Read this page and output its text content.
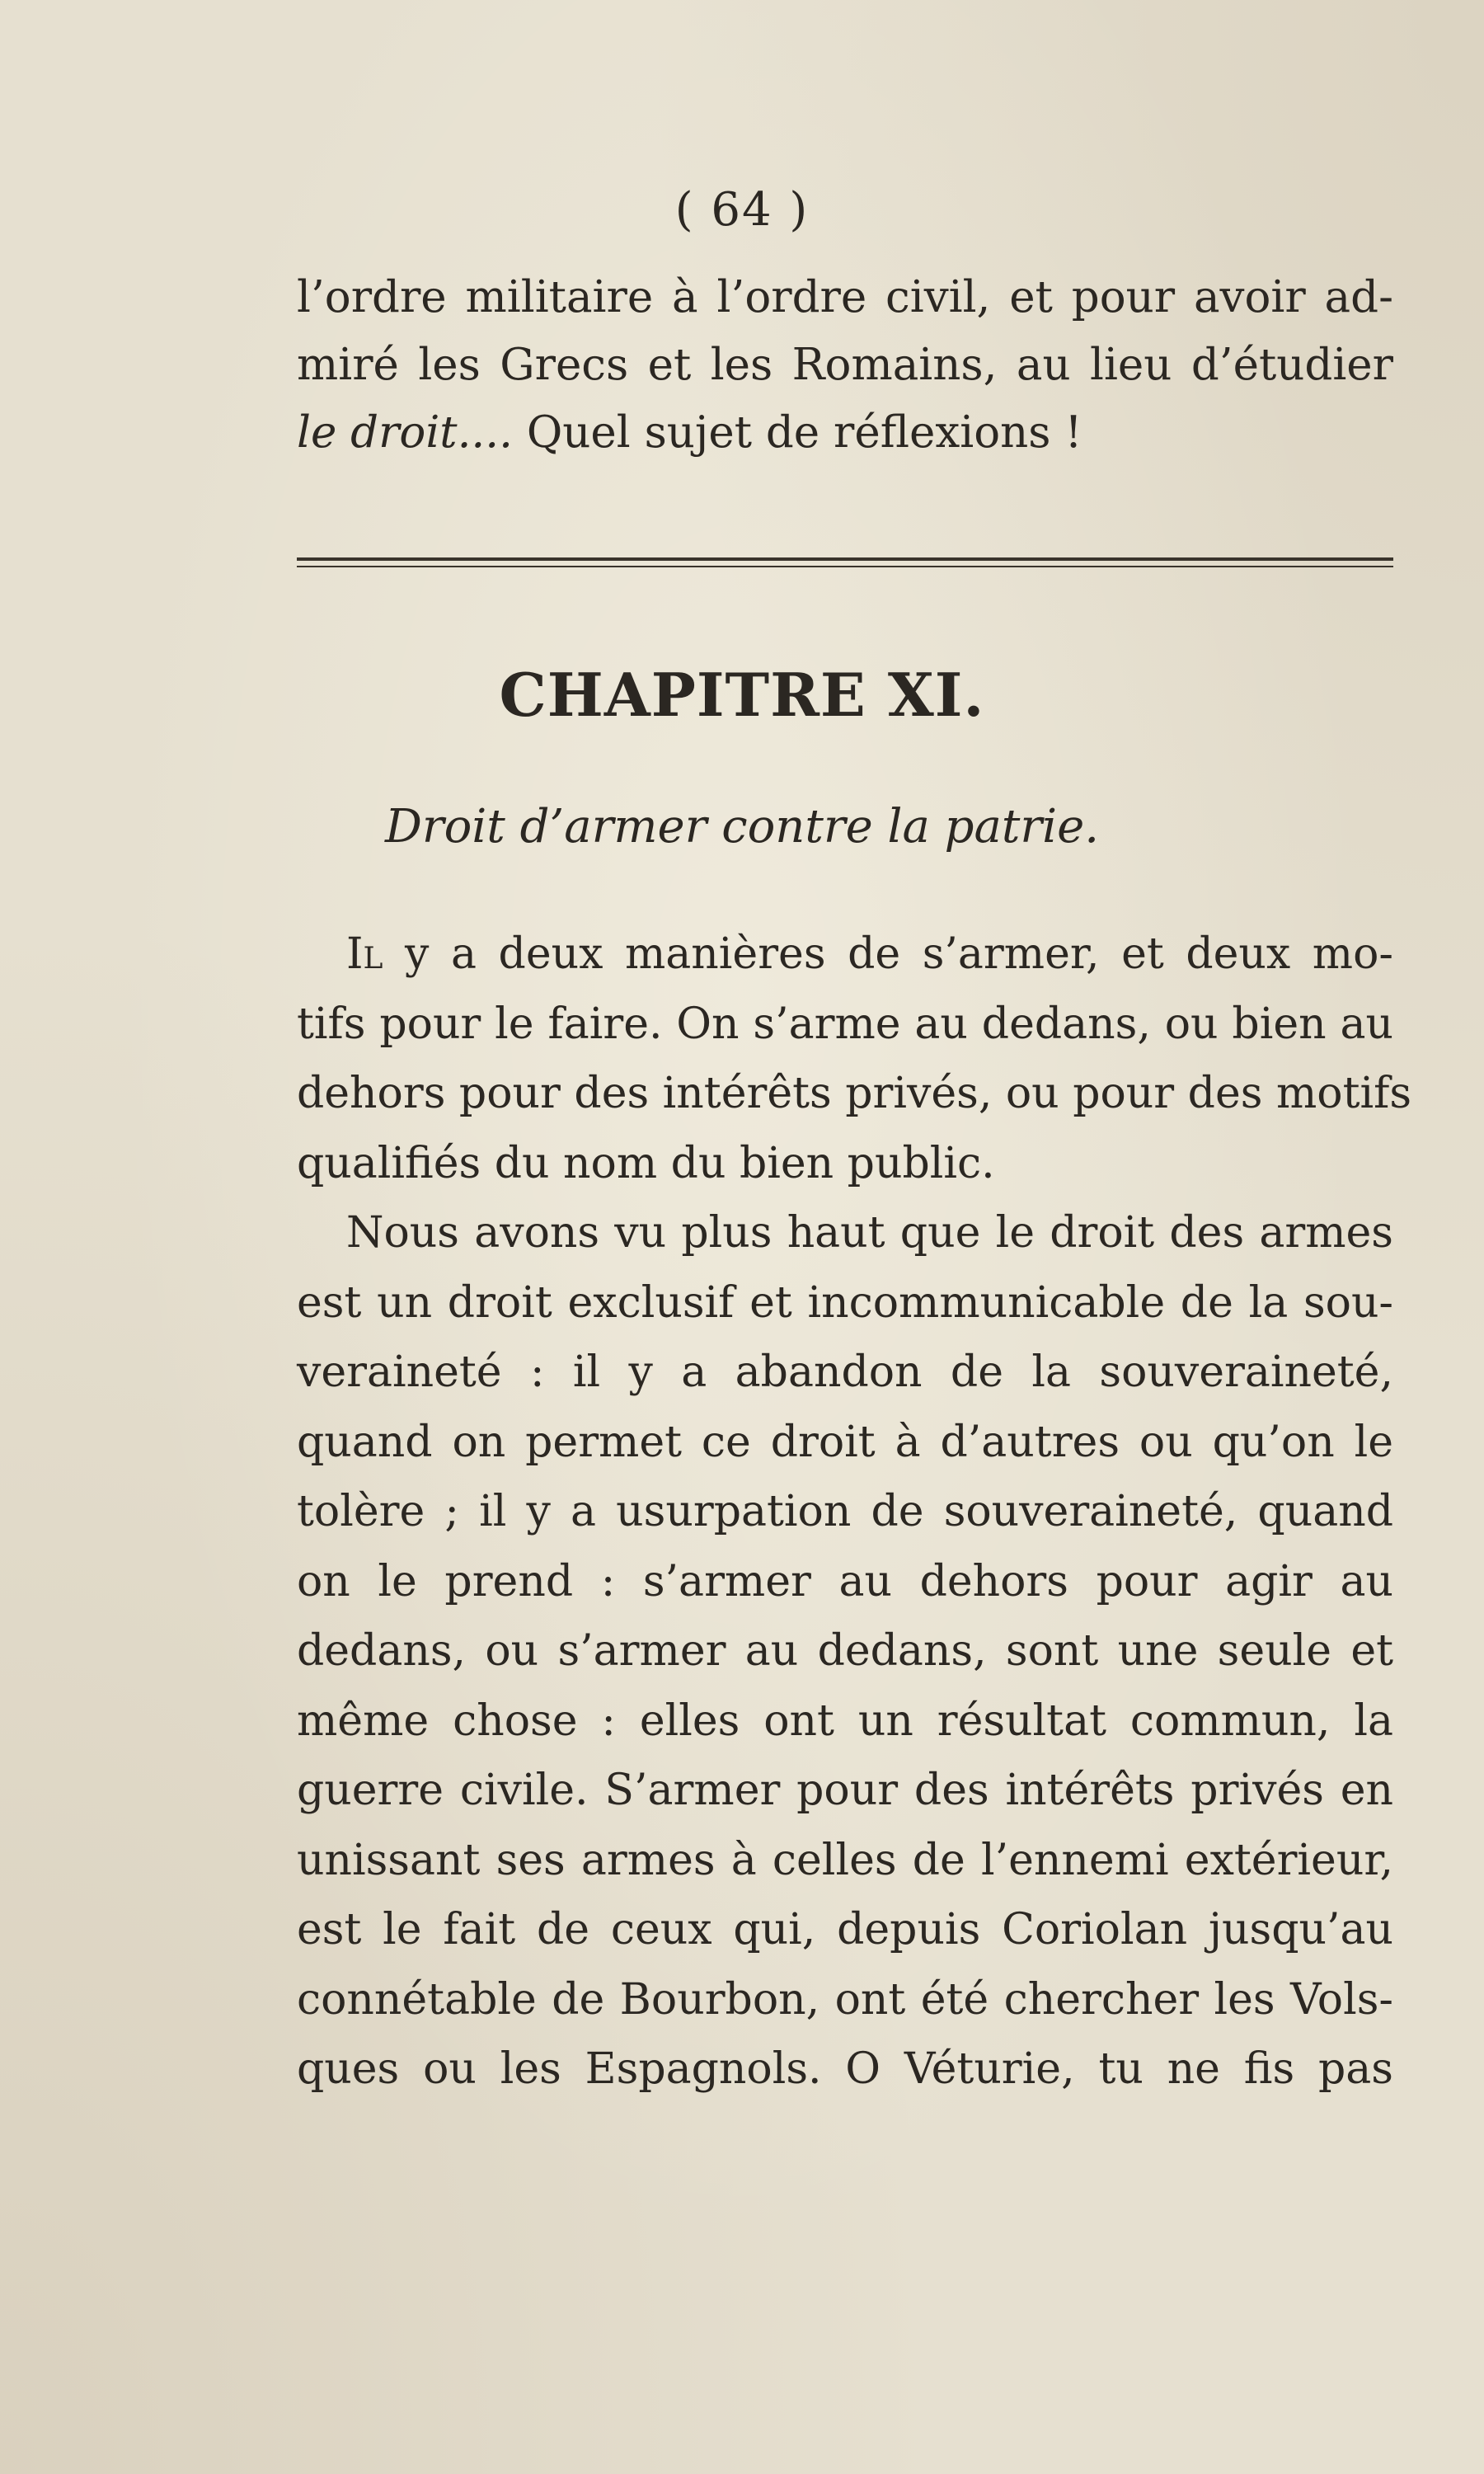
( 64 )
l’ordre militaire à l’ordre civil, et pour avoir ad-
miré les Grecs et les Romains, au lieu d’étudier
le droit.... Quel sujet de réflexions !
CHAPITRE XI.
Droit d’armer contre la patrie.
Il y a deux manières de s’armer, et deux mo-
tifs pour le faire. On s’arme au dedans, ou bien au
dehors pour des intérêts privés, ou pour des motifs
qualifiés du nom du bien public.
Nous avons vu plus haut que le droit des armes
est un droit exclusif et incommunicable de la sou-
veraineté : il y a abandon de la souveraineté,
quand on permet ce droit à d’autres ou qu’on le
tolère ; il y a usurpation de souveraineté, quand
on le prend : s’armer au dehors pour agir au
dedans, ou s’armer au dedans, sont une seule et
même chose : elles ont un résultat commun, la
guerre civile. S’armer pour des intérêts privés en
unissant ses armes à celles de l’ennemi extérieur,
est le fait de ceux qui, depuis Coriolan jusqu’au
connétable de Bourbon, ont été chercher les Vols-
ques ou les Espagnols. O Véturie, tu ne fis pas
